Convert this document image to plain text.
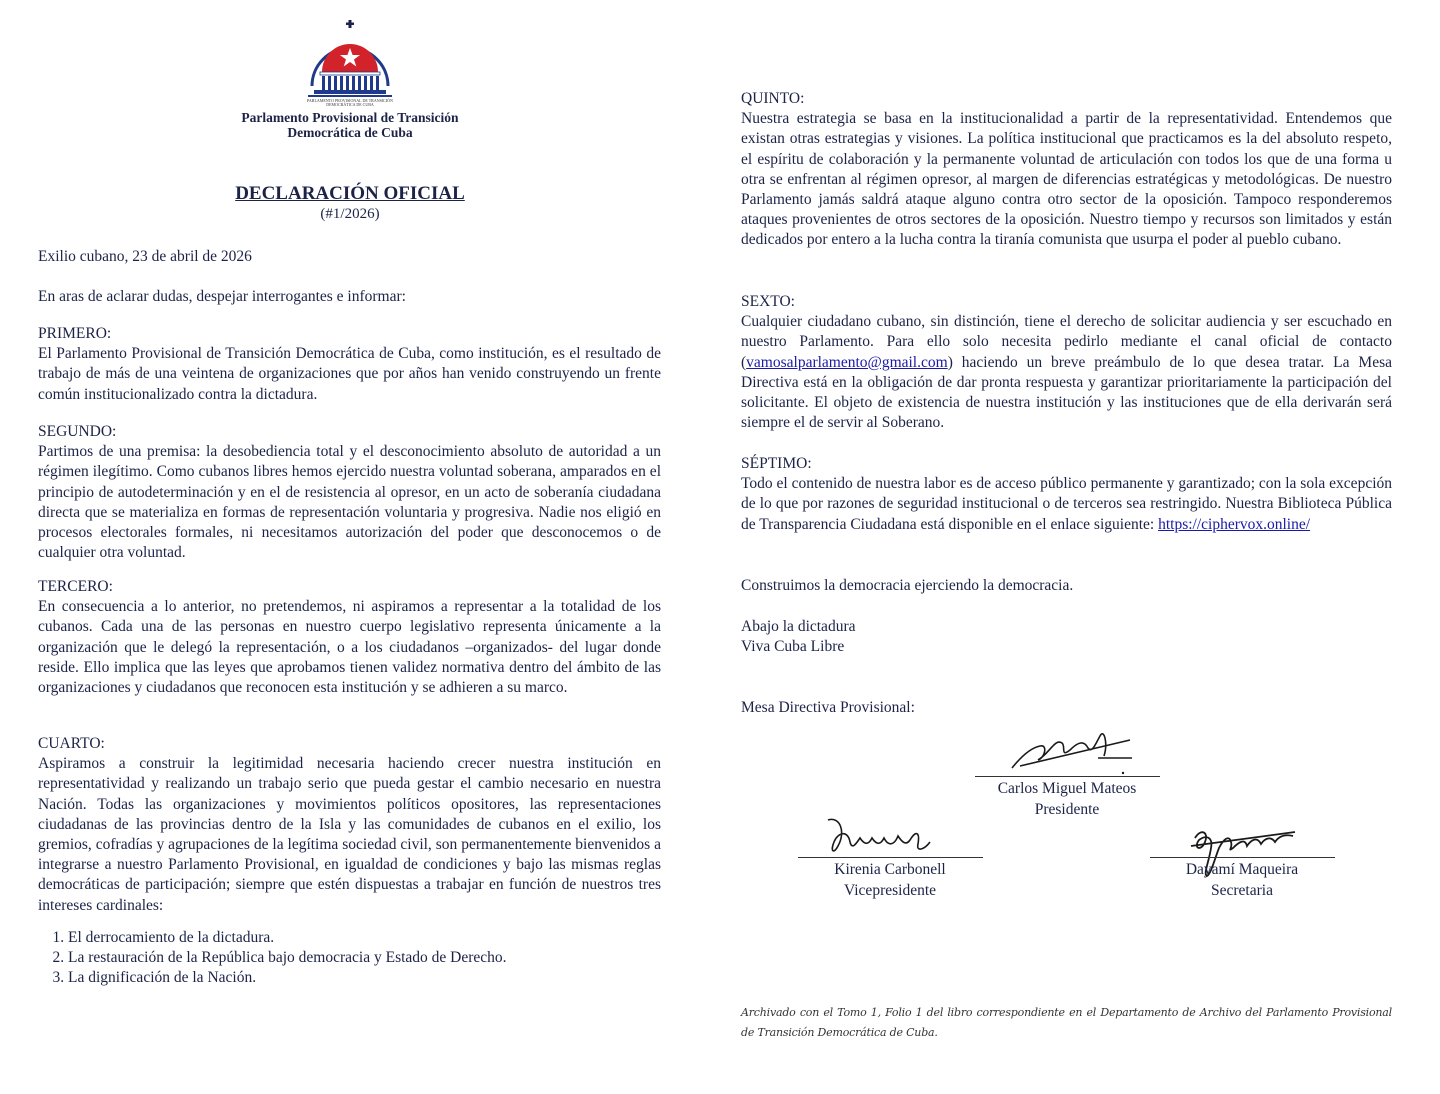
PARLAMENTO PROVISIONAL DE TRANSICIÓN DEMOCRÁTICA DE CUBA
Parlamento Provisional de Transición
Democrática de Cuba
DECLARACIÓN OFICIAL
(#1/2026)

Exilio cubano, 23 de abril de 2026

En aras de aclarar dudas, despejar interrogantes e informar:

PRIMERO:

El Parlamento Provisional de Transición Democrática de Cuba, como institución, es el resultado de trabajo de más de una veintena de organizaciones que por años han venido construyendo un frente común institucionalizado contra la dictadura.

SEGUNDO:

Partimos de una premisa: la desobediencia total y el desconocimiento absoluto de autoridad a un régimen ilegítimo. Como cubanos libres hemos ejercido nuestra voluntad soberana, amparados en el principio de autodeterminación y en el de resistencia al opresor, en un acto de soberanía ciudadana directa que se materializa en formas de representación voluntaria y progresiva. Nadie nos eligió en procesos electorales formales, ni necesitamos autorización del poder que desconocemos o de cualquier otra voluntad.

TERCERO:

En consecuencia a lo anterior, no pretendemos, ni aspiramos a representar a la totalidad de los cubanos. Cada una de las personas en nuestro cuerpo legislativo representa únicamente a la organización que le delegó la representación, o a los ciudadanos –organizados- del lugar donde reside. Ello implica que las leyes que aprobamos tienen validez normativa dentro del ámbito de las organizaciones y ciudadanos que reconocen esta institución y se adhieren a su marco.

CUARTO:

Aspiramos a construir la legitimidad necesaria haciendo crecer nuestra institución en representatividad y realizando un trabajo serio que pueda gestar el cambio necesario en nuestra Nación. Todas las organizaciones y movimientos políticos opositores, las representaciones ciudadanas de las provincias dentro de la Isla y las comunidades de cubanos en el exilio, los gremios, cofradías y agrupaciones de la legítima sociedad civil, son permanentemente bienvenidos a integrarse a nuestro Parlamento Provisional, en igualdad de condiciones y bajo las mismas reglas democráticas de participación; siempre que estén dispuestas a trabajar en función de nuestros tres intereses cardinales:

1. El derrocamiento de la dictadura.
2. La restauración de la República bajo democracia y Estado de Derecho.
3. La dignificación de la Nación.

QUINTO:

Nuestra estrategia se basa en la institucionalidad a partir de la representatividad. Entendemos que existan otras estrategias y visiones. La política institucional que practicamos es la del absoluto respeto, el espíritu de colaboración y la permanente voluntad de articulación con todos los que de una forma u otra se enfrentan al régimen opresor, al margen de diferencias estratégicas y metodológicas. De nuestro Parlamento jamás saldrá ataque alguno contra otro sector de la oposición. Tampoco responderemos ataques provenientes de otros sectores de la oposición. Nuestro tiempo y recursos son limitados y están dedicados por entero a la lucha contra la tiranía comunista que usurpa el poder al pueblo cubano.

SEXTO:

Cualquier ciudadano cubano, sin distinción, tiene el derecho de solicitar audiencia y ser escuchado en nuestro Parlamento. Para ello solo necesita pedirlo mediante el canal oficial de contacto (vamosalparlamento@gmail.com) haciendo un breve preámbulo de lo que desea tratar. La Mesa Directiva está en la obligación de dar pronta respuesta y garantizar prioritariamente la participación del solicitante. El objeto de existencia de nuestra institución y las instituciones que de ella derivarán será siempre el de servir al Soberano.

SÉPTIMO:

Todo el contenido de nuestra labor es de acceso público permanente y garantizado; con la sola excepción de lo que por razones de seguridad institucional o de terceros sea restringido. Nuestra Biblioteca Pública de Transparencia Ciudadana está disponible en el enlace siguiente: https://ciphervox.online/

Construimos la democracia ejerciendo la democracia.

Abajo la dictadura

Viva Cuba Libre

Mesa Directiva Provisional:

Carlos Miguel Mateos
Presidente
Kirenia Carbonell
Vicepresidente
Dayamí Maqueira
Secretaria
Archivado con el Tomo 1, Folio 1 del libro correspondiente en el Departamento de Archivo del Parlamento Provisional de Transición Democrática de Cuba.
